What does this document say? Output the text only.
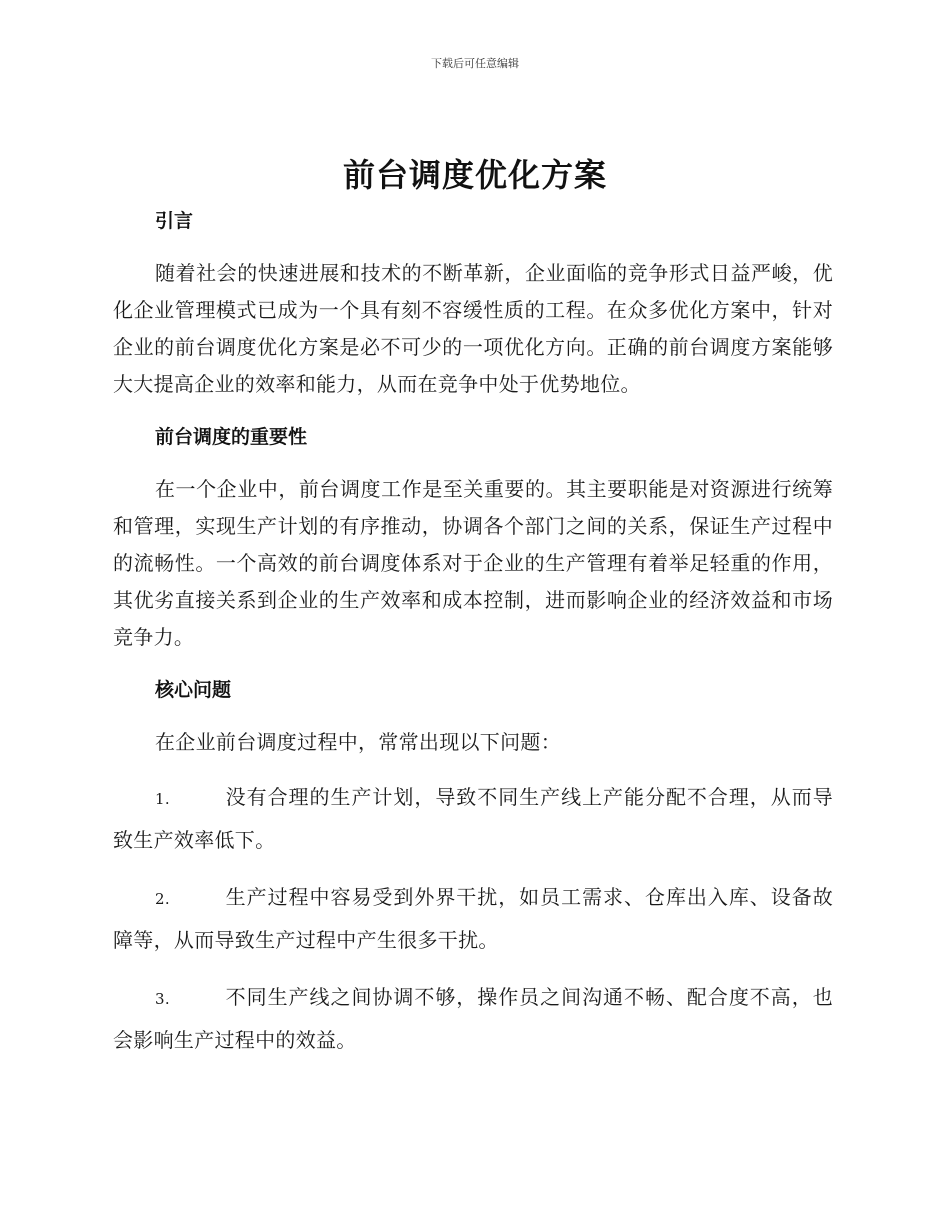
下载后可任意编辑
前台调度优化方案
引言

随着社会的快速进展和技术的不断革新，企业面临的竞争形式日益严峻，优化企业管理模式已成为一个具有刻不容缓性质的工程。在众多优化方案中，针对企业的前台调度优化方案是必不可少的一项优化方向。正确的前台调度方案能够大大提高企业的效率和能力，从而在竞争中处于优势地位。

前台调度的重要性

在一个企业中，前台调度工作是至关重要的。其主要职能是对资源进行统筹和管理，实现生产计划的有序推动，协调各个部门之间的关系，保证生产过程中的流畅性。一个高效的前台调度体系对于企业的生产管理有着举足轻重的作用，其优劣直接关系到企业的生产效率和成本控制，进而影响企业的经济效益和市场竞争力。

核心问题

在企业前台调度过程中，常常出现以下问题：

1.	没有合理的生产计划，导致不同生产线上产能分配不合理，从而导致生产效率低下。

2.	生产过程中容易受到外界干扰，如员工需求、仓库出入库、设备故障等，从而导致生产过程中产生很多干扰。

3.	不同生产线之间协调不够，操作员之间沟通不畅、配合度不高，也会影响生产过程中的效益。
